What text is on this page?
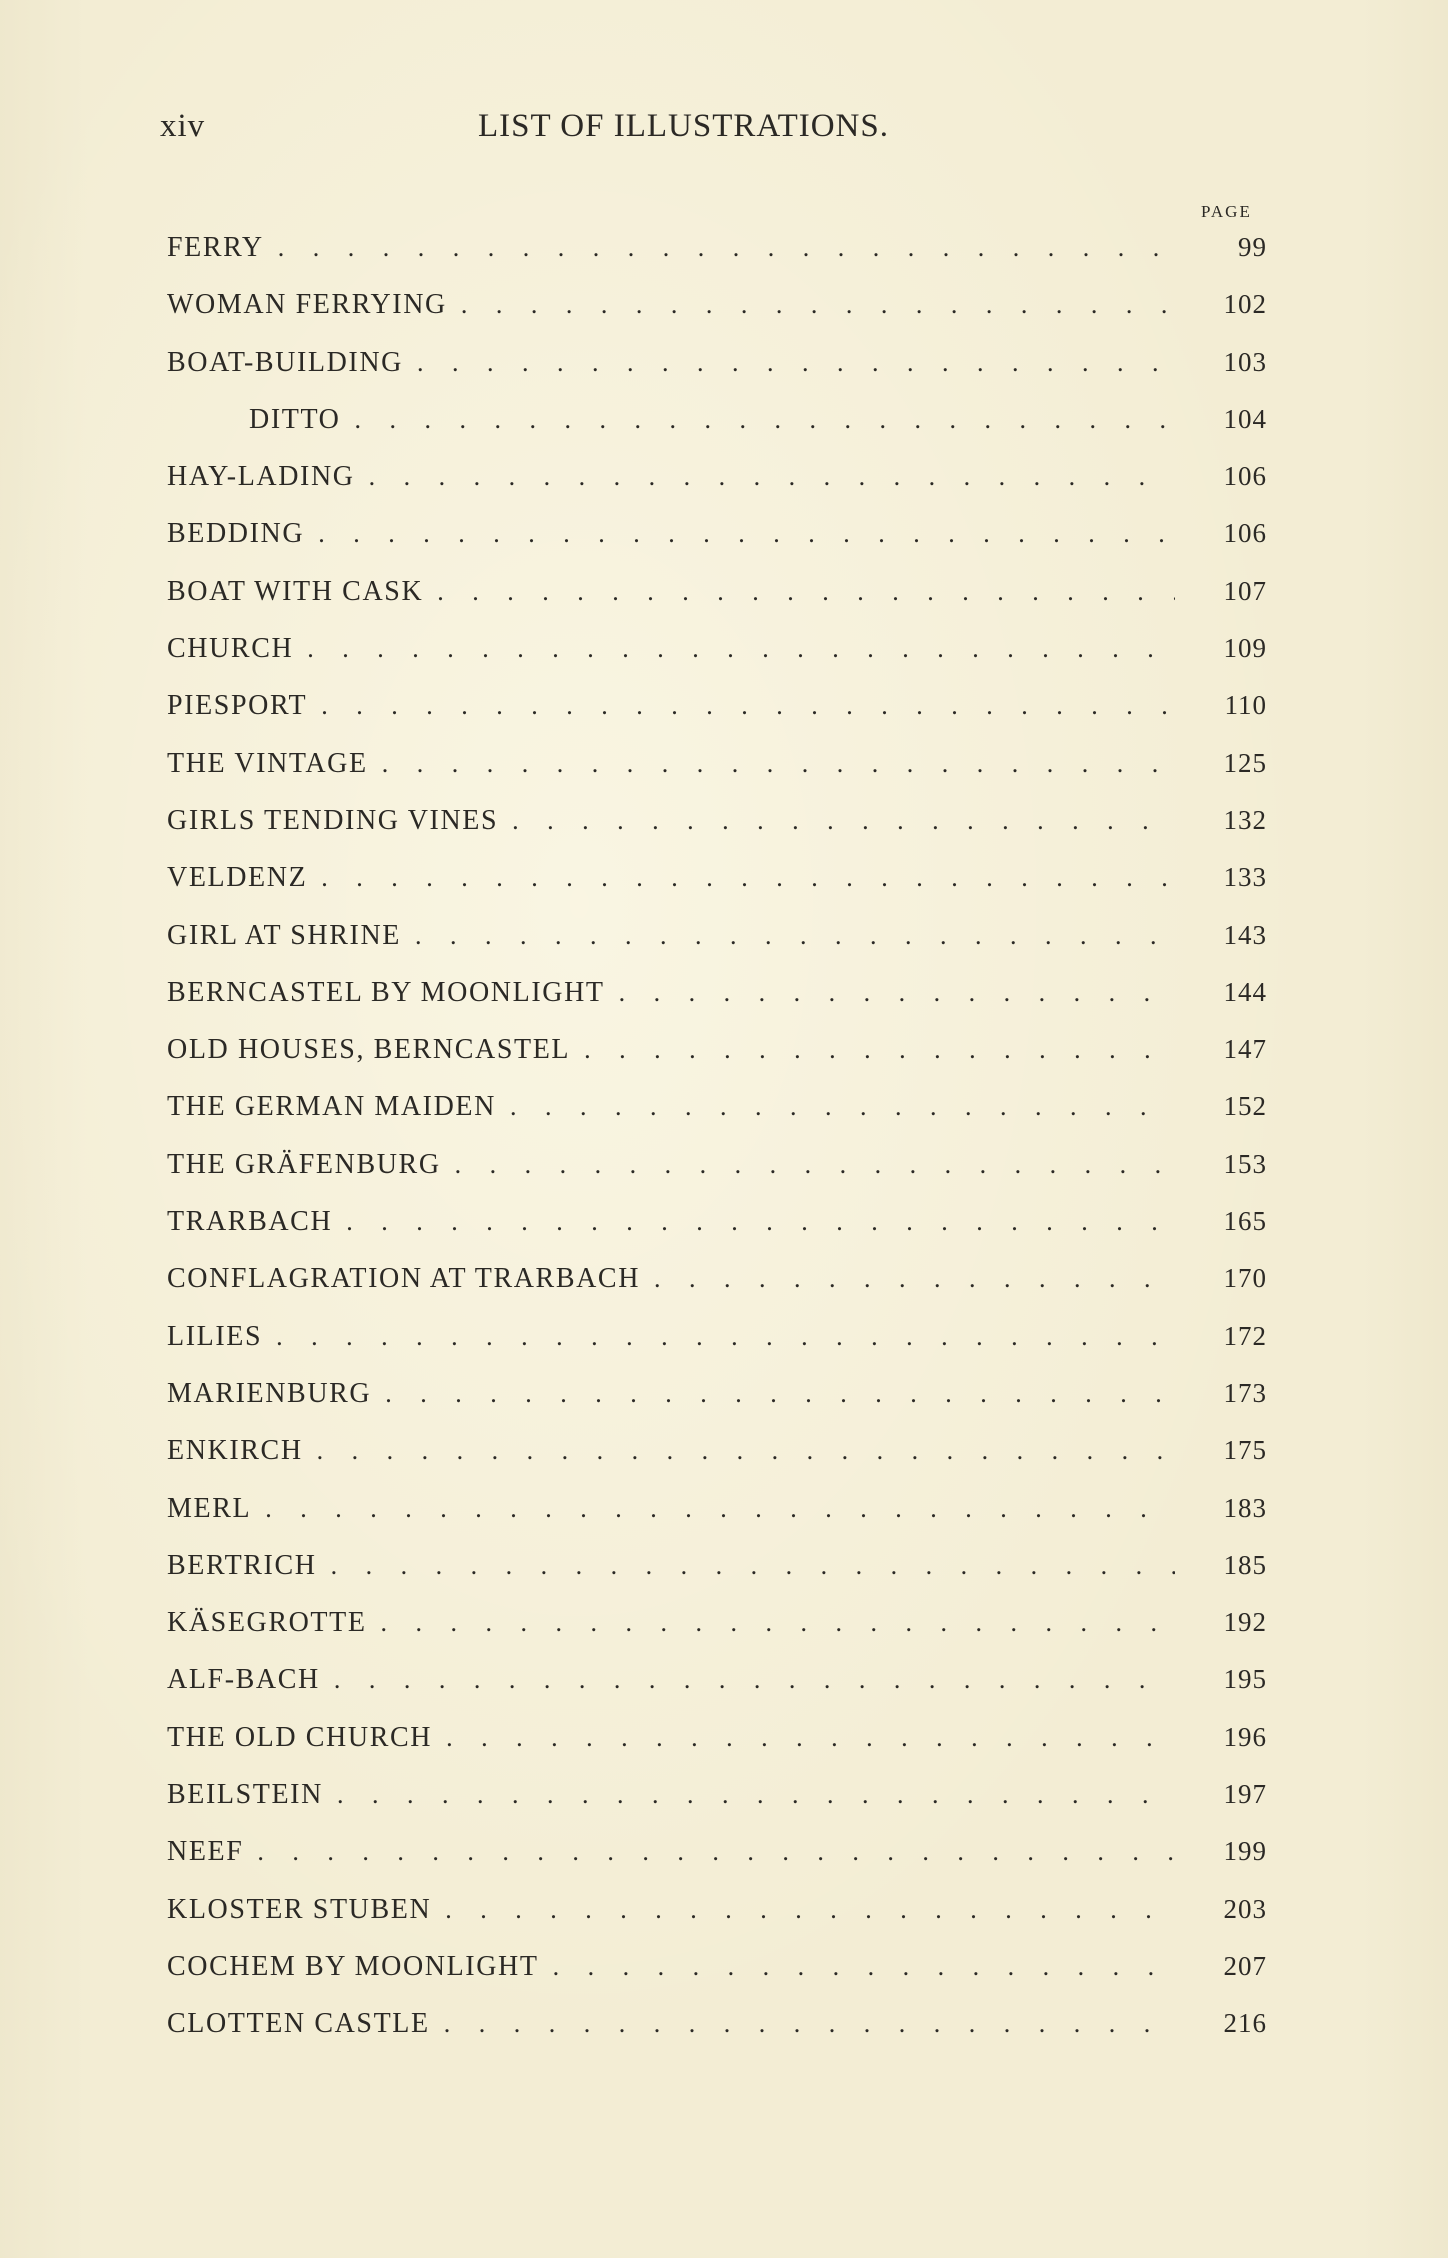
xiv	LIST OF ILLUSTRATIONS.
PAGE
FERRY . . .	99
WOMAN FERRYING . . .	102
BOAT-BUILDING . . .	103
DITTO . . .	104
HAY-LADING . . .	106
BEDDING . . .	106
BOAT WITH CASK . . .	107
CHURCH . . .	109
PIESPORT . . .	110
THE VINTAGE . . .	125
GIRLS TENDING VINES . . .	132
VELDENZ . . .	133
GIRL AT SHRINE . . .	143
BERNCASTEL BY MOONLIGHT . . .	144
OLD HOUSES, BERNCASTEL . . .	147
THE GERMAN MAIDEN . . .	152
THE GRÄFENBURG . . .	153
TRARBACH . . .	165
CONFLAGRATION AT TRARBACH . . .	170
LILIES . . .	172
MARIENBURG . . .	173
ENKIRCH . . .	175
MERL . . .	183
BERTRICH . . .	185
KÄSEGROTTE . . .	192
ALF-BACH . . .	195
THE OLD CHURCH . . .	196
BEILSTEIN . . .	197
NEEF . . .	199
KLOSTER STUBEN . . .	203
COCHEM BY MOONLIGHT . . .	207
CLOTTEN CASTLE . . .	216
